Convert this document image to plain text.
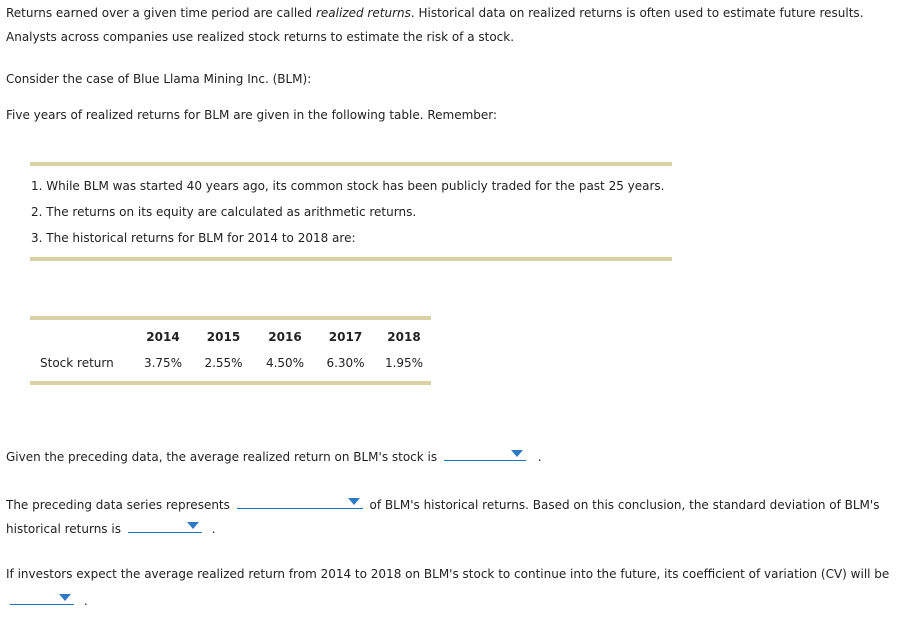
Returns earned over a given time period are called realized returns. Historical data on realized returns is often used to estimate future results.
Analysts across companies use realized stock returns to estimate the risk of a stock.
Consider the case of Blue Llama Mining Inc. (BLM):
Five years of realized returns for BLM are given in the following table. Remember:
1. While BLM was started 40 years ago, its common stock has been publicly traded for the past 25 years.
2. The returns on its equity are calculated as arithmetic returns.
3. The historical returns for BLM for 2014 to 2018 are:
	2014	2015	2016	2017	2018

Stock return	3.75%	2.55%	4.50%	6.30%	1.95%
Given the preceding data, the average realized return on BLM's stock is	.
The preceding data series represents	of BLM's historical returns. Based on this conclusion, the standard deviation of BLM's
historical returns is	.
If investors expect the average realized return from 2014 to 2018 on BLM's stock to continue into the future, its coefficient of variation (CV) will be
.
